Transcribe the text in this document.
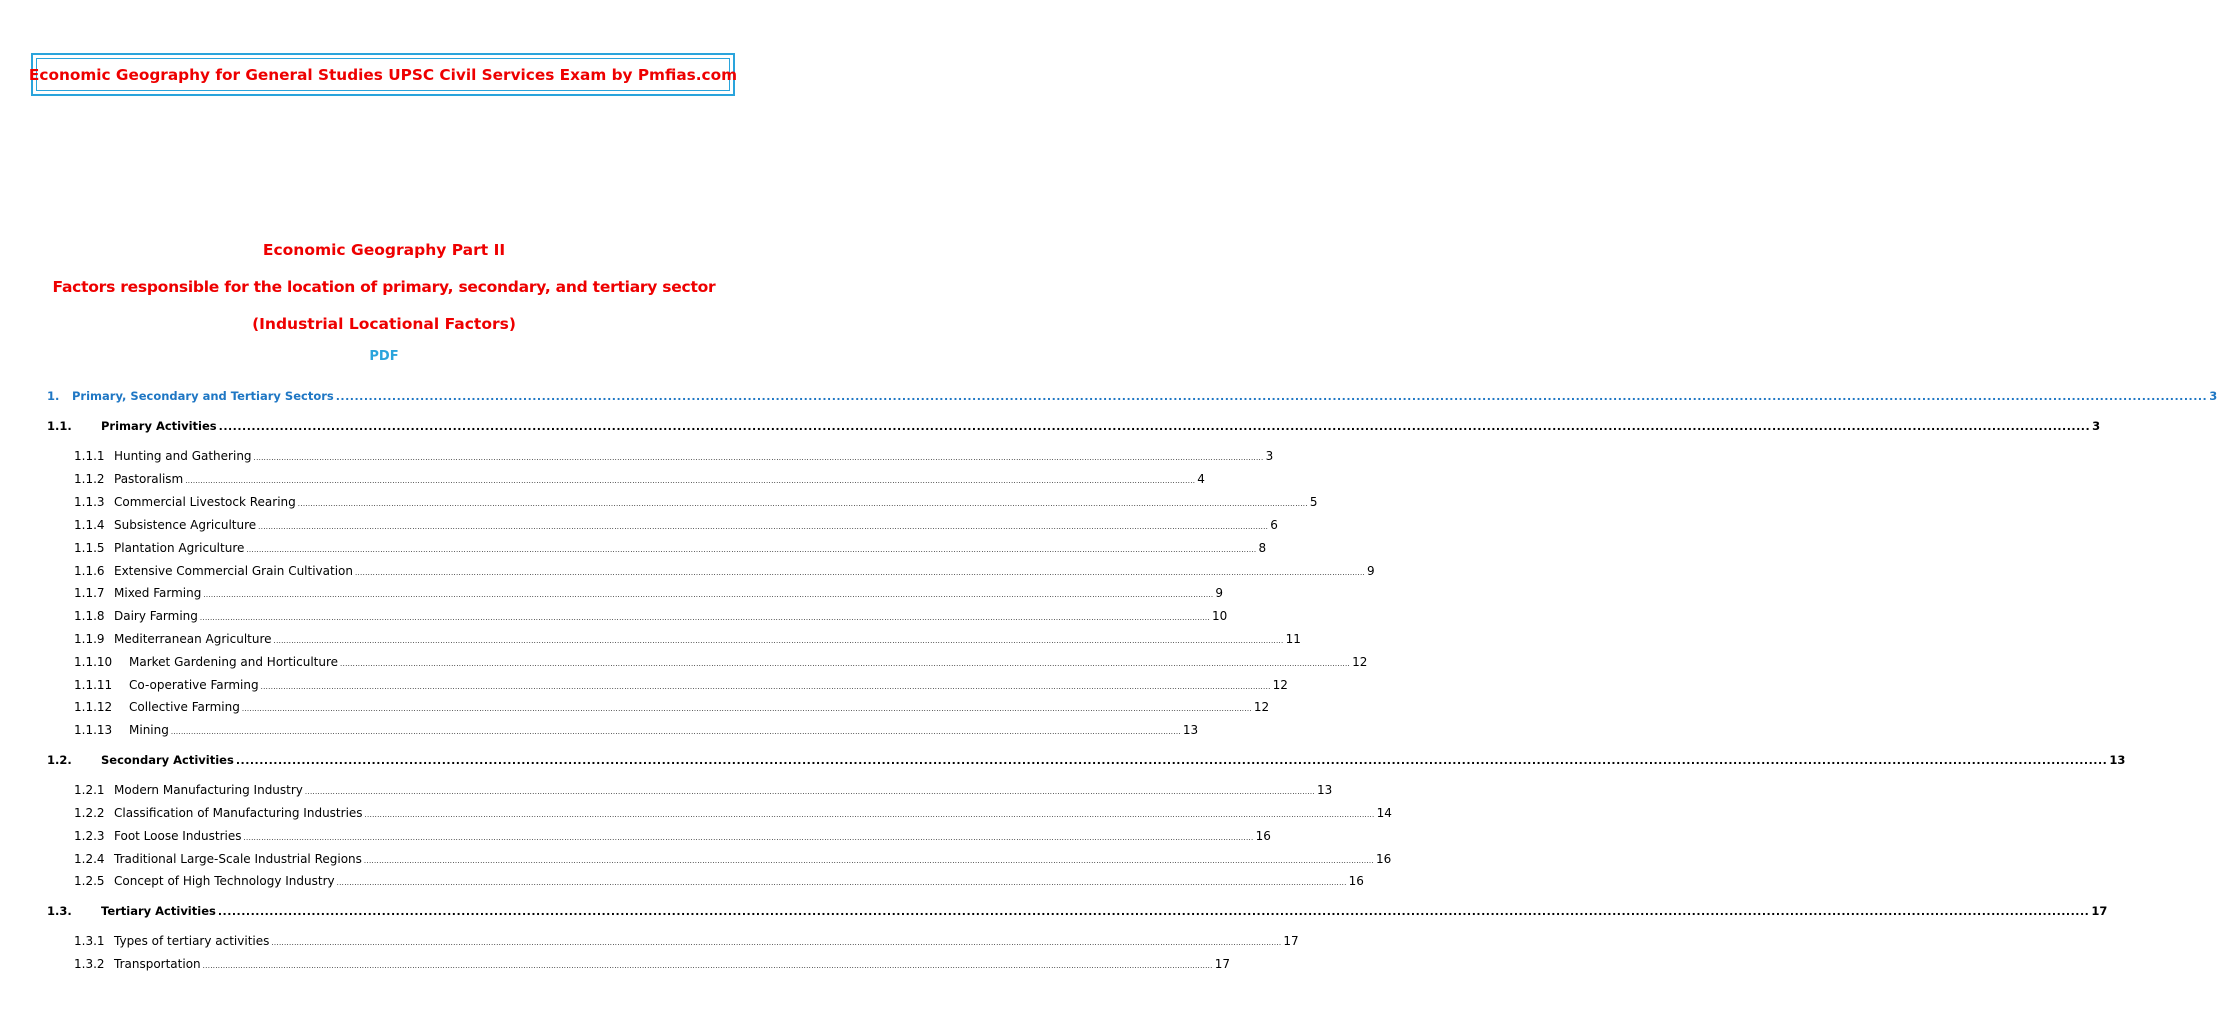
Economic Geography for General Studies UPSC Civil Services Exam by Pmfias.com
Economic Geography Part II
Factors responsible for the location of primary, secondary, and tertiary sector
(Industrial Locational Factors)
PDF
1.	Primary, Secondary and Tertiary Sectors ................................................................................................................................................................................................................................................................................................................................................................................................................ 3
1.1.	Primary Activities ................................................................................................................................................................................................................................................................................................................................................................................................................ 3
1.1.1 Hunting and Gathering ................................................................................................................................................................................................................................................................................................................................................................................................................ 3
1.1.2 Pastoralism ................................................................................................................................................................................................................................................................................................................................................................................................................ 4
1.1.3 Commercial Livestock Rearing ................................................................................................................................................................................................................................................................................................................................................................................................................ 5
1.1.4 Subsistence Agriculture ................................................................................................................................................................................................................................................................................................................................................................................................................ 6
1.1.5 Plantation Agriculture ................................................................................................................................................................................................................................................................................................................................................................................................................ 8
1.1.6 Extensive Commercial Grain Cultivation ................................................................................................................................................................................................................................................................................................................................................................................................................ 9
1.1.7 Mixed Farming ................................................................................................................................................................................................................................................................................................................................................................................................................ 9
1.1.8 Dairy Farming ................................................................................................................................................................................................................................................................................................................................................................................................................ 10
1.1.9 Mediterranean Agriculture ................................................................................................................................................................................................................................................................................................................................................................................................................ 11
1.1.10	Market Gardening and Horticulture ................................................................................................................................................................................................................................................................................................................................................................................................................ 12
1.1.11	Co-operative Farming ................................................................................................................................................................................................................................................................................................................................................................................................................ 12
1.1.12	Collective Farming ................................................................................................................................................................................................................................................................................................................................................................................................................ 12
1.1.13	Mining ................................................................................................................................................................................................................................................................................................................................................................................................................ 13
1.2.	Secondary Activities ................................................................................................................................................................................................................................................................................................................................................................................................................ 13
1.2.1 Modern Manufacturing Industry ................................................................................................................................................................................................................................................................................................................................................................................................................ 13
1.2.2 Classification of Manufacturing Industries ................................................................................................................................................................................................................................................................................................................................................................................................................ 14
1.2.3 Foot Loose Industries ................................................................................................................................................................................................................................................................................................................................................................................................................ 16
1.2.4 Traditional Large-Scale Industrial Regions ................................................................................................................................................................................................................................................................................................................................................................................................................ 16
1.2.5 Concept of High Technology Industry ................................................................................................................................................................................................................................................................................................................................................................................................................ 16
1.3.	Tertiary Activities ................................................................................................................................................................................................................................................................................................................................................................................................................ 17
1.3.1 Types of tertiary activities ................................................................................................................................................................................................................................................................................................................................................................................................................ 17
1.3.2 Transportation ................................................................................................................................................................................................................................................................................................................................................................................................................ 17
